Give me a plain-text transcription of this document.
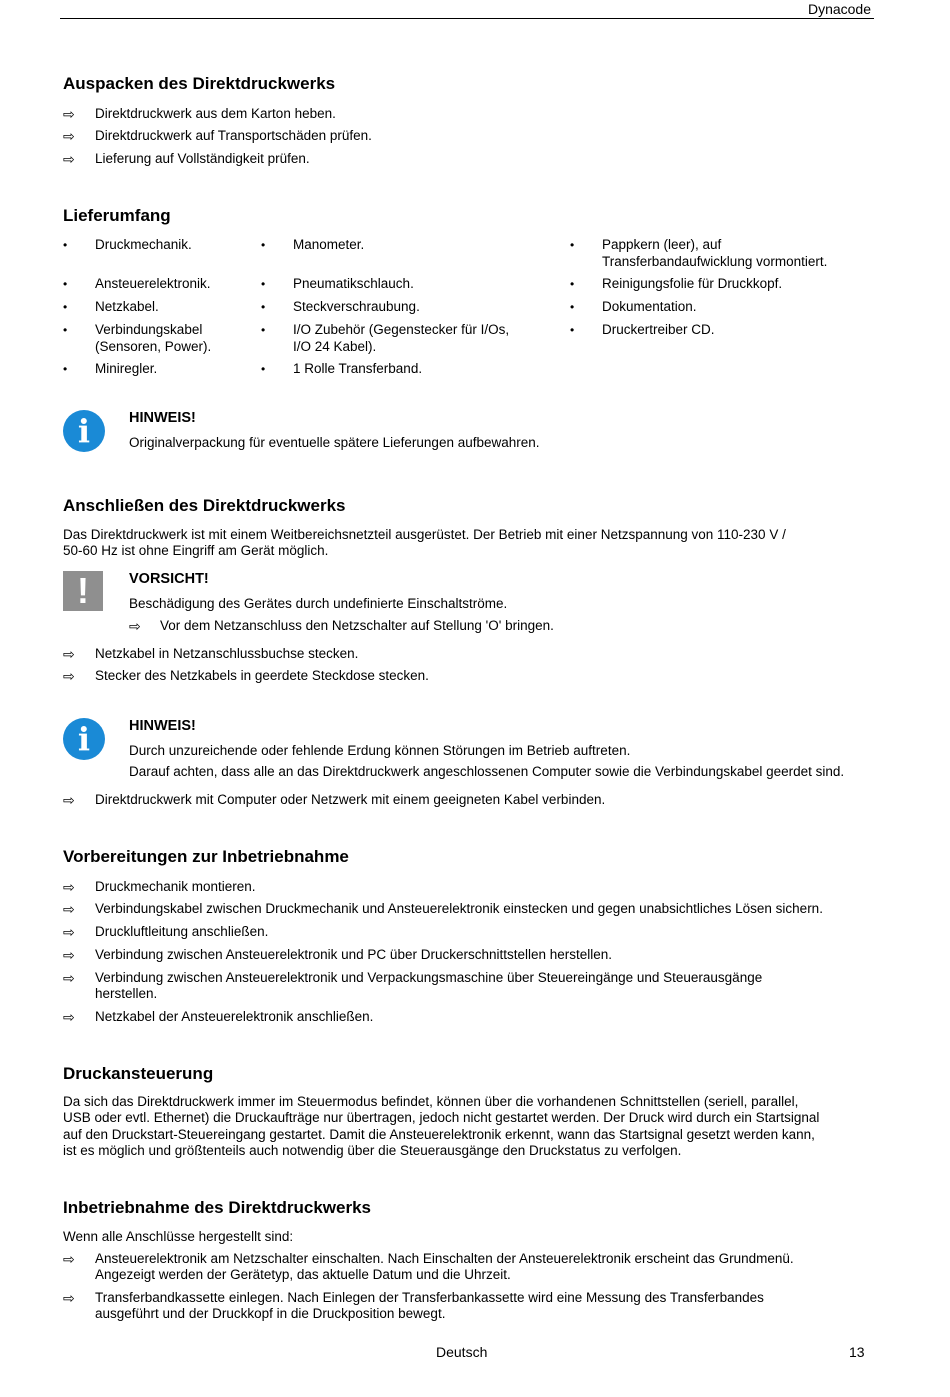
Dynacode
Auspacken des Direktdruckwerks
⇨ Direktdruckwerk aus dem Karton heben.
⇨ Direktdruckwerk auf Transportschäden prüfen.
⇨ Lieferung auf Vollständigkeit prüfen.
Lieferumfang
• Druckmechanik.
• Ansteuerelektronik.
• Netzkabel.
• Verbindungskabel
(Sensoren, Power).
• Miniregler.
• Manometer.
• Pneumatikschlauch.
• Steckverschraubung.
• I/O Zubehör (Gegenstecker für I/Os,
I/O 24 Kabel).
• 1 Rolle Transferband.
• Pappkern (leer), auf
Transferbandaufwicklung vormontiert.
• Reinigungsfolie für Druckkopf.
• Dokumentation.
• Druckertreiber CD.
i	HINWEIS!
Originalverpackung für eventuelle spätere Lieferungen aufbewahren.
Anschließen des Direktdruckwerks
Das Direktdruckwerk ist mit einem Weitbereichsnetzteil ausgerüstet. Der Betrieb mit einer Netzspannung von 110-230 V /
50-60 Hz ist ohne Eingriff am Gerät möglich.
!	VORSICHT!
Beschädigung des Gerätes durch undefinierte Einschaltströme.
⇨ Vor dem Netzanschluss den Netzschalter auf Stellung 'O' bringen.
⇨ Netzkabel in Netzanschlussbuchse stecken.
⇨ Stecker des Netzkabels in geerdete Steckdose stecken.
i	HINWEIS!
Durch unzureichende oder fehlende Erdung können Störungen im Betrieb auftreten.
Darauf achten, dass alle an das Direktdruckwerk angeschlossenen Computer sowie die Verbindungskabel geerdet sind.
⇨ Direktdruckwerk mit Computer oder Netzwerk mit einem geeigneten Kabel verbinden.
Vorbereitungen zur Inbetriebnahme
⇨ Druckmechanik montieren.
⇨ Verbindungskabel zwischen Druckmechanik und Ansteuerelektronik einstecken und gegen unabsichtliches Lösen sichern.
⇨ Druckluftleitung anschließen.
⇨ Verbindung zwischen Ansteuerelektronik und PC über Druckerschnittstellen herstellen.
⇨ Verbindung zwischen Ansteuerelektronik und Verpackungsmaschine über Steuereingänge und Steuerausgänge
herstellen.
⇨ Netzkabel der Ansteuerelektronik anschließen.
Druckansteuerung
Da sich das Direktdruckwerk immer im Steuermodus befindet, können über die vorhandenen Schnittstellen (seriell, parallel,
USB oder evtl. Ethernet) die Druckaufträge nur übertragen, jedoch nicht gestartet werden. Der Druck wird durch ein Startsignal
auf den Druckstart-Steuereingang gestartet. Damit die Ansteuerelektronik erkennt, wann das Startsignal gesetzt werden kann,
ist es möglich und größtenteils auch notwendig über die Steuerausgänge den Druckstatus zu verfolgen.
Inbetriebnahme des Direktdruckwerks
Wenn alle Anschlüsse hergestellt sind:
⇨ Ansteuerelektronik am Netzschalter einschalten. Nach Einschalten der Ansteuerelektronik erscheint das Grundmenü.
Angezeigt werden der Gerätetyp, das aktuelle Datum und die Uhrzeit.
⇨ Transferbandkassette einlegen. Nach Einlegen der Transferbankassette wird eine Messung des Transferbandes
ausgeführt und der Druckkopf in die Druckposition bewegt.
Deutsch	13
